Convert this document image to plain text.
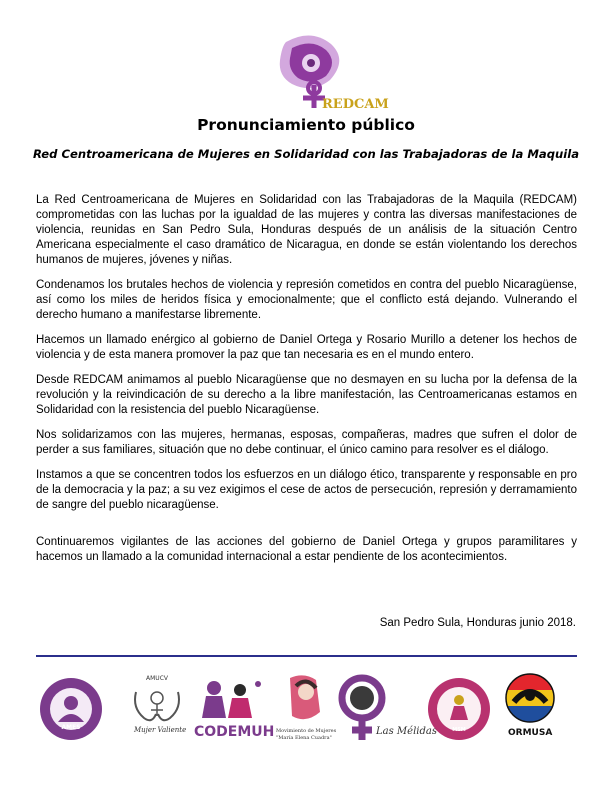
REDCAM
Pronunciamiento público
Red Centroamericana de Mujeres en Solidaridad con las Trabajadoras de la Maquila

La Red Centroamericana de Mujeres en Solidaridad con las Trabajadoras de la Maquila (REDCAM) comprometidas con las luchas por la igualdad de las mujeres y contra las diversas manifestaciones de violencia, reunidas en San Pedro Sula, Honduras después de un análisis de la situación Centro Americana especialmente el caso dramático de Nicaragua, en donde se están violentando los derechos humanos de mujeres, jóvenes y niñas.

Condenamos los brutales hechos de violencia y represión cometidos en contra del pueblo Nicaragüense, así como los miles de heridos física y emocionalmente; que el conflicto está dejando. Vulnerando el derecho humano a manifestarse libremente.

Hacemos un llamado enérgico al gobierno de Daniel Ortega y Rosario Murillo a detener los hechos de violencia y de esta manera promover la paz que tan necesaria es en el mundo entero.

Desde REDCAM animamos al pueblo Nicaragüense que no desmayen en su lucha por la defensa de la revolución y la reivindicación de su derecho a la libre manifestación, las Centroamericanas estamos en Solidaridad con la resistencia del pueblo Nicaragüense.

Nos solidarizamos con las mujeres, hermanas, esposas, compañeras, madres que sufren el dolor de perder a sus familiares, situación que no debe continuar, el único camino para resolver es el diálogo.

Instamos a que se concentren todos los esfuerzos en un diálogo ético, transparente y responsable en pro de la democracia y la paz; a su vez exigimos el cese de actos de persecución, represión y derramamiento de sangre del pueblo nicaragüense.

Continuaremos vigilantes de las acciones del gobierno de Daniel Ortega y grupos paramilitares y hacemos un llamado a la comunidad internacional a estar pendiente de los acontecimientos.

San Pedro Sula, Honduras junio 2018.
AMES
AMUCV
Mujer Valiente CODEMUH Movimiento de Mujeres
"María Elena Cuadra"
Las Mélidas	MSM	ORMUSA
